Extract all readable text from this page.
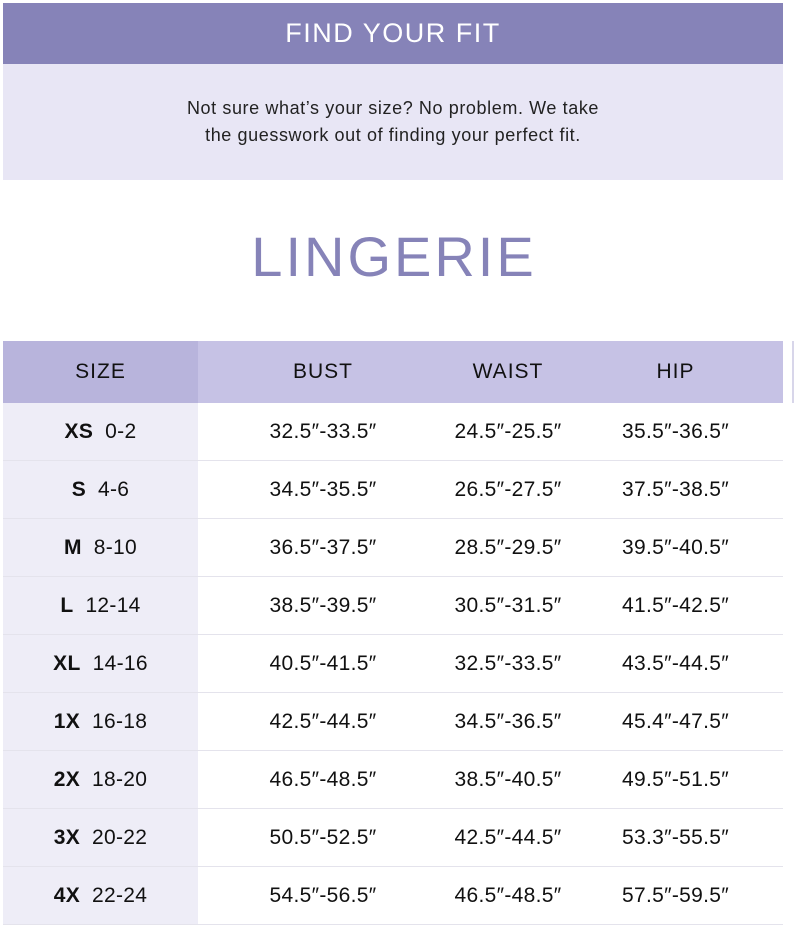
FIND YOUR FIT
Not sure what’s your size? No problem. We take
the guesswork out of finding your perfect fit.
LINGERIE
SIZE	BUST	WAIST	HIP
XS 0-2	32.5″-33.5″	24.5″-25.5″	35.5″-36.5″
S 4-6	34.5″-35.5″	26.5″-27.5″	37.5″-38.5″
M 8-10	36.5″-37.5″	28.5″-29.5″	39.5″-40.5″
L 12-14	38.5″-39.5″	30.5″-31.5″	41.5″-42.5″
XL 14-16	40.5″-41.5″	32.5″-33.5″	43.5″-44.5″
1X 16-18	42.5″-44.5″	34.5″-36.5″	45.4″-47.5″
2X 18-20	46.5″-48.5″	38.5″-40.5″	49.5″-51.5″
3X 20-22	50.5″-52.5″	42.5″-44.5″	53.3″-55.5″
4X 22-24	54.5″-56.5″	46.5″-48.5″	57.5″-59.5″
